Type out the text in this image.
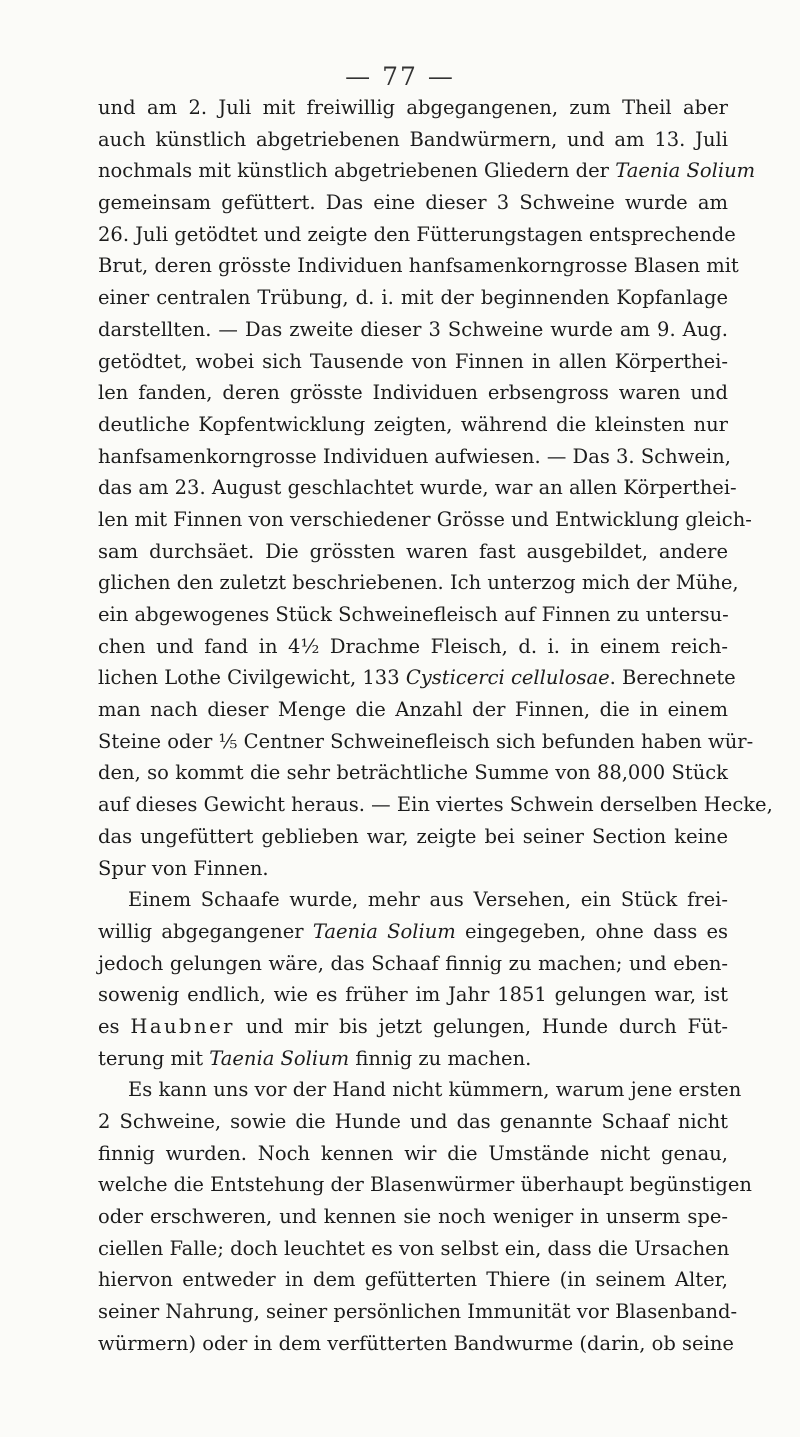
— 77 —
und am 2. Juli mit freiwillig abgegangenen, zum Theil aber
auch künstlich abgetriebenen Bandwürmern, und am 13. Juli
nochmals mit künstlich abgetriebenen Gliedern der Taenia Solium
gemeinsam gefüttert. Das eine dieser 3 Schweine wurde am
26. Juli getödtet und zeigte den Fütterungstagen entsprechende
Brut, deren grösste Individuen hanfsamenkorngrosse Blasen mit
einer centralen Trübung, d. i. mit der beginnenden Kopfanlage
darstellten. — Das zweite dieser 3 Schweine wurde am 9. Aug.
getödtet, wobei sich Tausende von Finnen in allen Körperthei-
len fanden, deren grösste Individuen erbsengross waren und
deutliche Kopfentwicklung zeigten, während die kleinsten nur
hanfsamenkorngrosse Individuen aufwiesen. — Das 3. Schwein,
das am 23. August geschlachtet wurde, war an allen Körperthei-
len mit Finnen von verschiedener Grösse und Entwicklung gleich-
sam durchsäet. Die grössten waren fast ausgebildet, andere
glichen den zuletzt beschriebenen. Ich unterzog mich der Mühe,
ein abgewogenes Stück Schweinefleisch auf Finnen zu untersu-
chen und fand in 4½ Drachme Fleisch, d. i. in einem reich-
lichen Lothe Civilgewicht, 133 Cysticerci cellulosae. Berechnete
man nach dieser Menge die Anzahl der Finnen, die in einem
Steine oder ⅕ Centner Schweinefleisch sich befunden haben wür-
den, so kommt die sehr beträchtliche Summe von 88,000 Stück
auf dieses Gewicht heraus. — Ein viertes Schwein derselben Hecke,
das ungefüttert geblieben war, zeigte bei seiner Section keine
Spur von Finnen.
Einem Schaafe wurde, mehr aus Versehen, ein Stück frei-
willig abgegangener Taenia Solium eingegeben, ohne dass es
jedoch gelungen wäre, das Schaaf finnig zu machen; und eben-
sowenig endlich, wie es früher im Jahr 1851 gelungen war, ist
es Haubner und mir bis jetzt gelungen, Hunde durch Füt-
terung mit Taenia Solium finnig zu machen.
Es kann uns vor der Hand nicht kümmern, warum jene ersten
2 Schweine, sowie die Hunde und das genannte Schaaf nicht
finnig wurden. Noch kennen wir die Umstände nicht genau,
welche die Entstehung der Blasenwürmer überhaupt begünstigen
oder erschweren, und kennen sie noch weniger in unserm spe-
ciellen Falle; doch leuchtet es von selbst ein, dass die Ursachen
hiervon entweder in dem gefütterten Thiere (in seinem Alter,
seiner Nahrung, seiner persönlichen Immunität vor Blasenband-
würmern) oder in dem verfütterten Bandwurme (darin, ob seine
